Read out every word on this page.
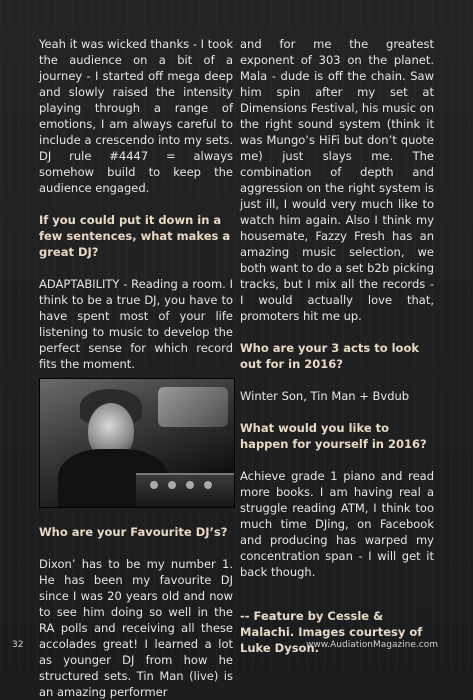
Yeah it was wicked thanks - I took the audience on a bit of a journey - I started off mega deep and slowly raised the intensity playing through a range of emotions, I am always careful to include a crescendo into my sets. DJ rule #4447 = always somehow build to keep the audience engaged.

If you could put it down in a few sentences, what makes a great DJ?

ADAPTABILITY - Reading a room. I think to be a true DJ, you have to have spent most of your life listening to music to develop the perfect sense for which record fits the moment.

Who are your Favourite DJ’s?

Dixon’ has to be my number 1. He has been my favourite DJ since I was 20 years old and now to see him doing so well in the RA polls and receiving all these accolades great! I learned a lot as younger DJ from how he structured sets. Tin Man (live) is an amazing performer

and for me the greatest exponent of 303 on the planet. Mala - dude is off the chain. Saw him spin after my set at Dimensions Festival, his music on the right sound system (think it was Mungo’s HiFi but don’t quote me) just slays me. The combination of depth and aggression on the right system is just ill, I would very much like to watch him again. Also I think my housemate, Fazzy Fresh has an amazing music selection, we both want to do a set b2b picking tracks, but I mix all the records - I would actually love that, promoters hit me up.

Who are your 3 acts to look out for in 2016?

Winter Son, Tin Man + Bvdub

What would you like to happen for yourself in 2016?

Achieve grade 1 piano and read more books. I am having real a struggle reading ATM, I think too much time DJing, on Facebook and producing has warped my concentration span - I will get it back though.

-- Feature by Cessle & Malachi. Images courtesy of Luke Dyson.
32	www.AudiationMagazine.com
